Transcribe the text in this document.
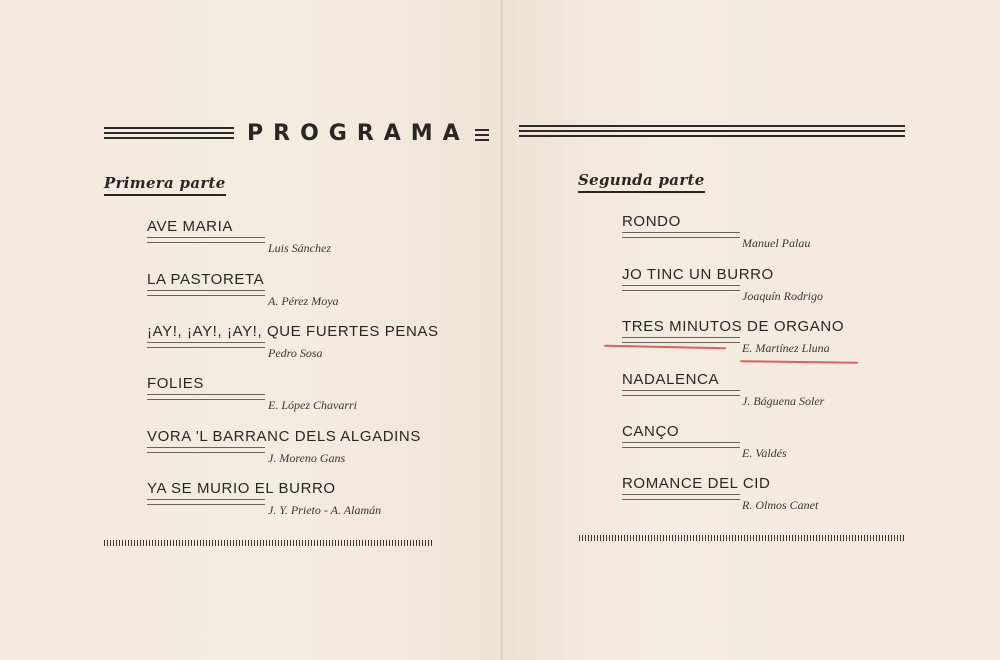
PROGRAMA
Primera parte	Segunda parte
AVE MARIA
Luis Sánchez
LA PASTORETA
A. Pérez Moya
¡AY!, ¡AY!, ¡AY!, QUE FUERTES PENAS
Pedro Sosa
FOLIES
E. López Chavarri
VORA 'L BARRANC DELS ALGADINS
J. Moreno Gans
YA SE MURIO EL BURRO
J. Y. Prieto - A. Alamán
RONDO
Manuel Palau
JO TINC UN BURRO
Joaquín Rodrigo
TRES MINUTOS DE ORGANO
E. Martínez Lluna
NADALENCA
J. Báguena Soler
CANÇO
E. Valdés
ROMANCE DEL CID
R. Olmos Canet
